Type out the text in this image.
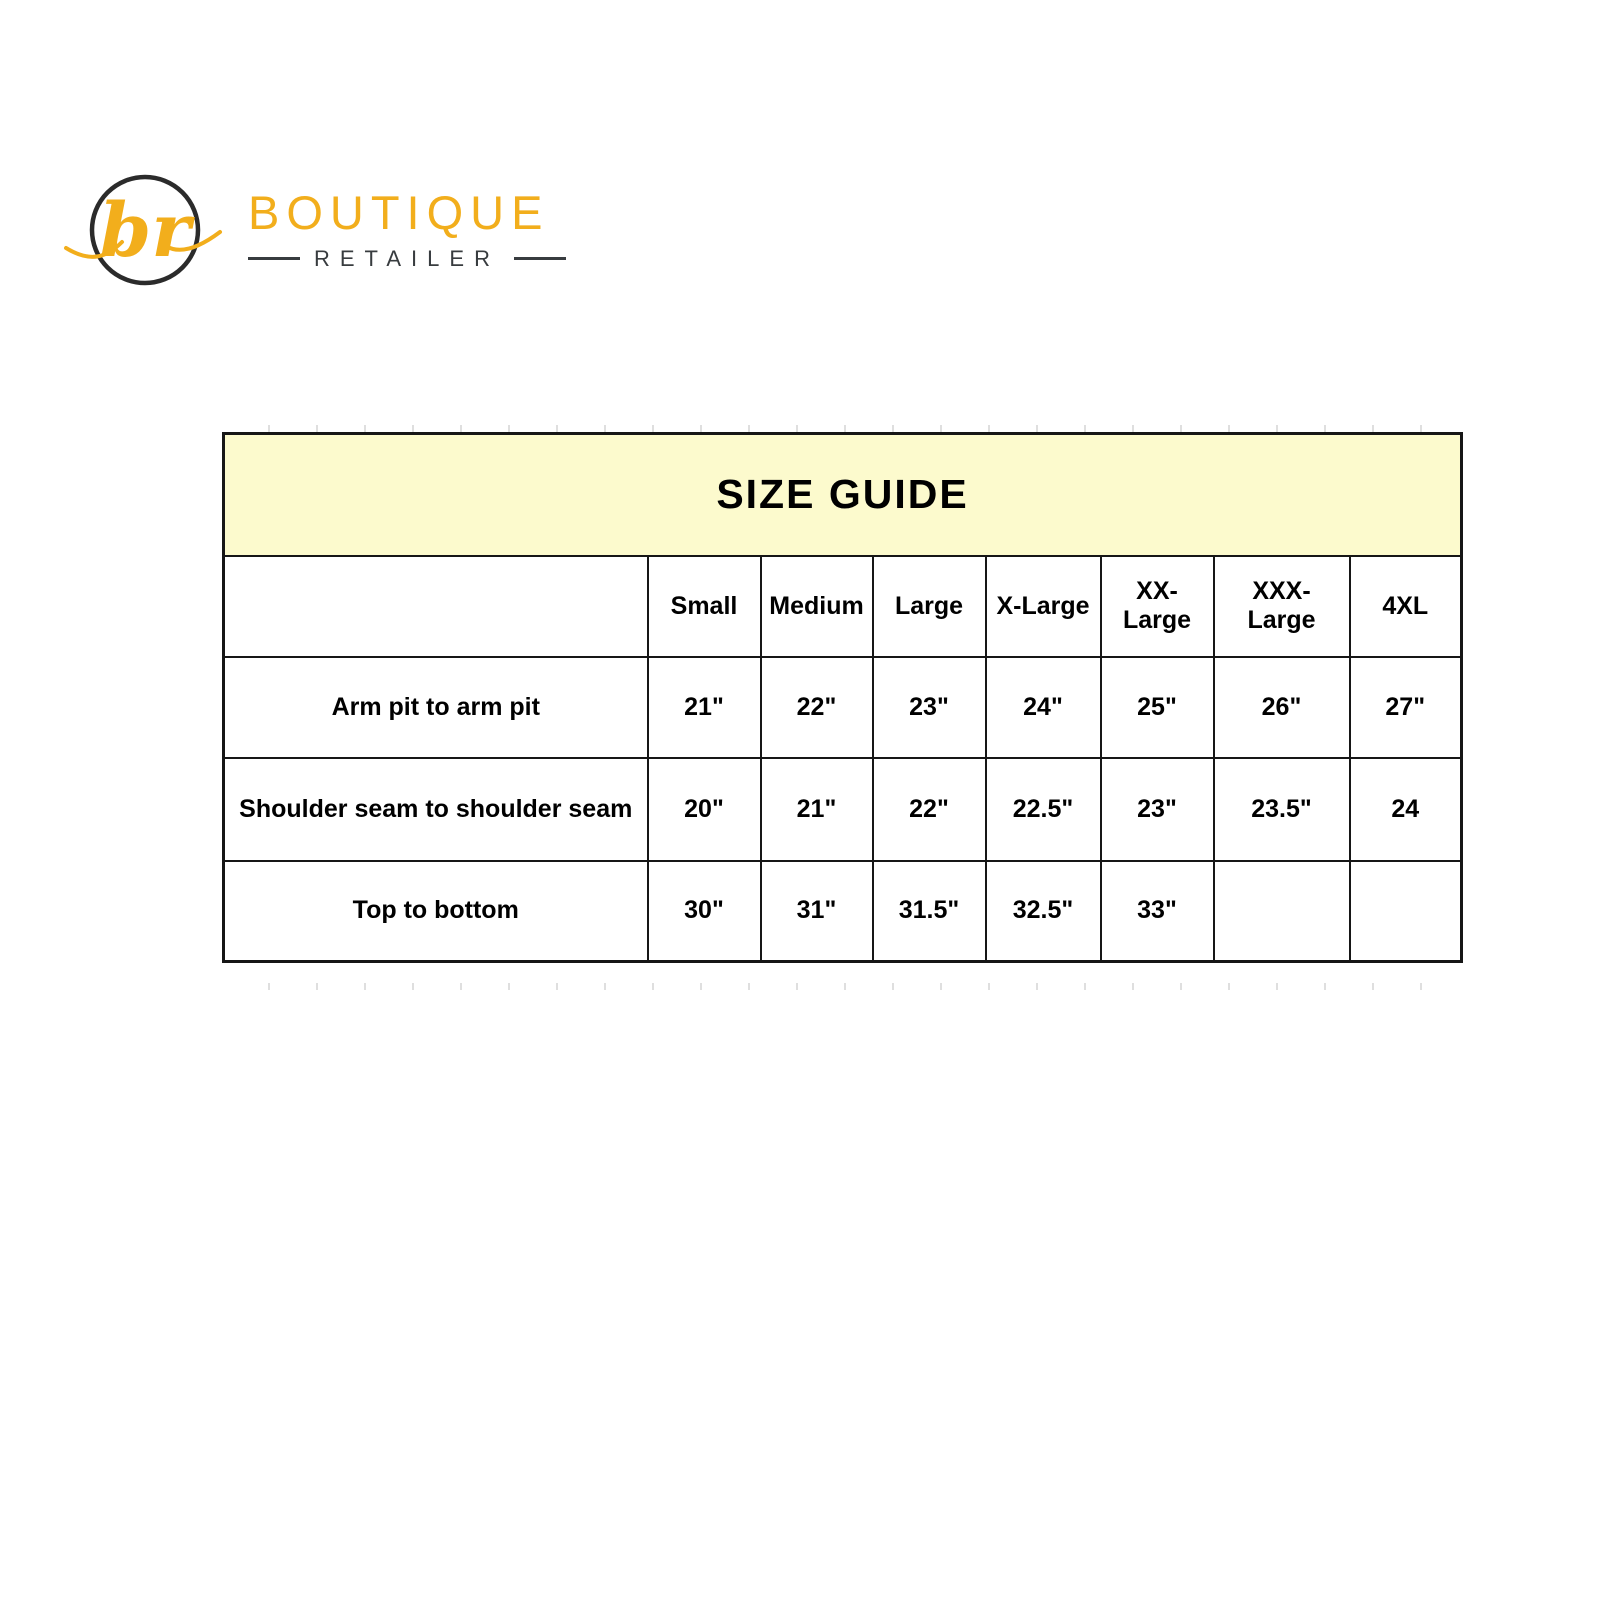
br BOUTIQUE
RETAILER
SIZE GUIDE							
	Small	Medium	Large	X-Large	XX-Large	XXX-Large	4XL
Arm pit to arm pit	21"	22"	23"	24"	25"	26"	27"
Shoulder seam to shoulder seam	20"	21"	22"	22.5"	23"	23.5"	24
Top to bottom	30"	31"	31.5"	32.5"	33"		
